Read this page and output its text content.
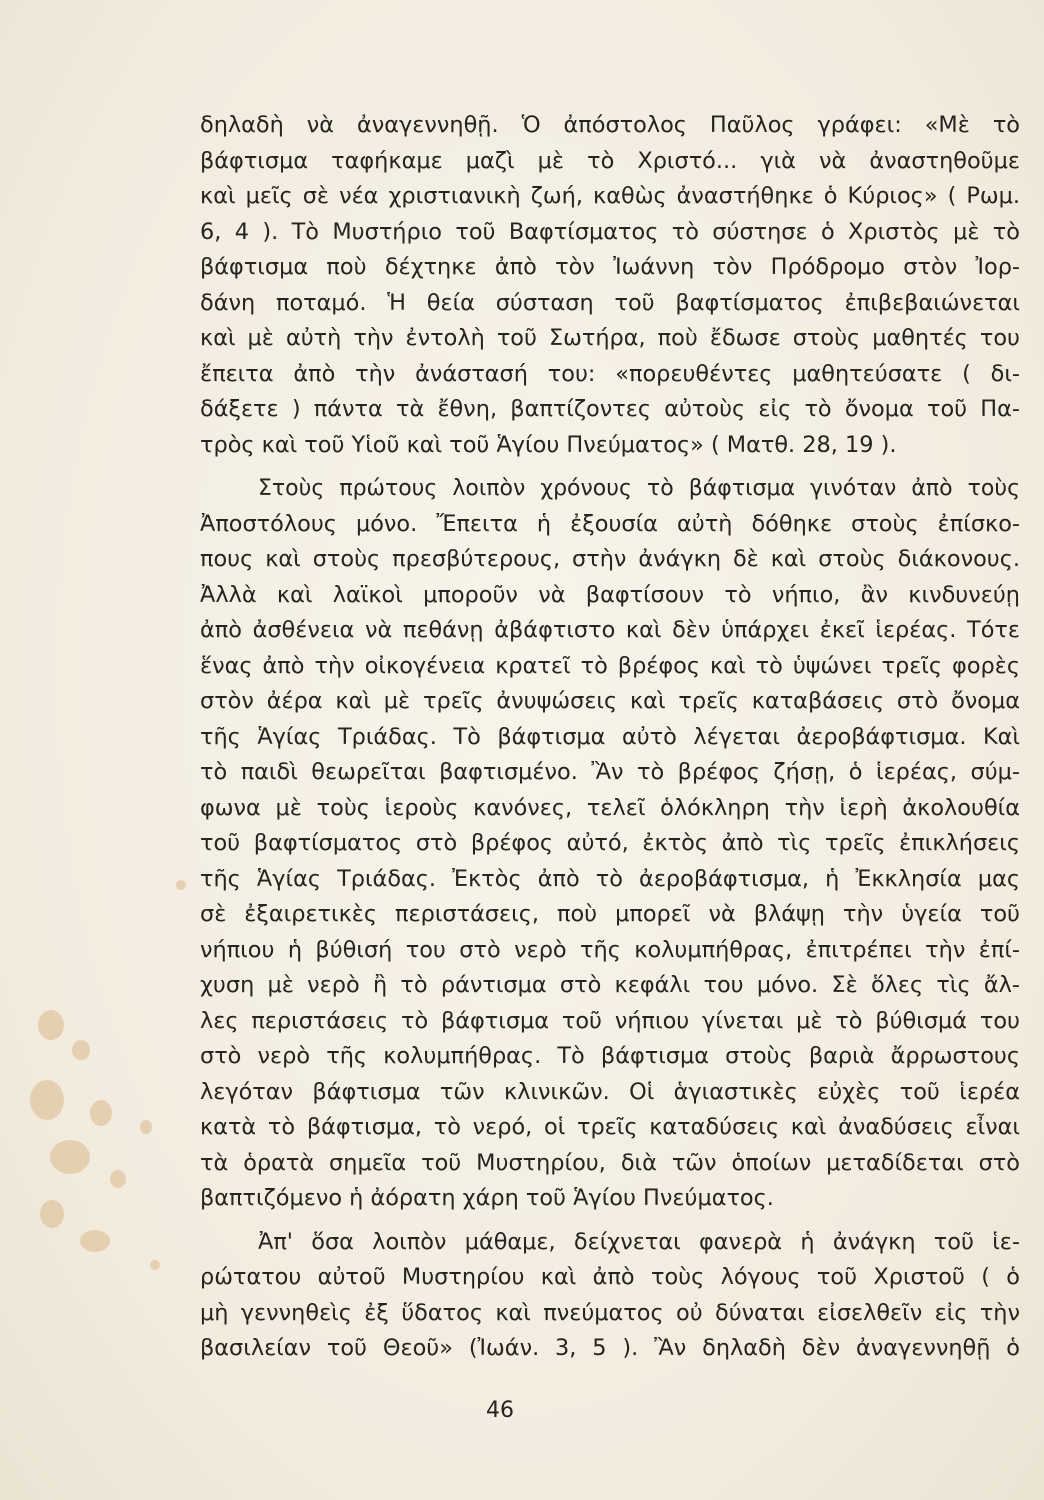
δηλαδὴ νὰ ἀναγεννηθῇ. Ὁ ἀπόστολος Παῦλος γράφει: «Μὲ τὸ
βάφτισμα ταφήκαμε μαζὶ μὲ τὸ Χριστό... γιὰ νὰ ἀναστηθοῦμε
καὶ μεῖς σὲ νέα χριστιανικὴ ζωή, καθὼς ἀναστήθηκε ὁ Κύριος» ( Ρωμ.
6, 4 ). Τὸ Μυστήριο τοῦ Βαφτίσματος τὸ σύστησε ὁ Χριστὸς μὲ τὸ
βάφτισμα ποὺ δέχτηκε ἀπὸ τὸν Ἰωάννη τὸν Πρόδρομο στὸν Ἰορ-
δάνη ποταμό. Ἡ θεία σύσταση τοῦ βαφτίσματος ἐπιβεβαιώνεται
καὶ μὲ αὐτὴ τὴν ἐντολὴ τοῦ Σωτήρα, ποὺ ἔδωσε στοὺς μαθητές του
ἔπειτα ἀπὸ τὴν ἀνάστασή του: «πορευθέντες μαθητεύσατε ( δι-
δάξετε ) πάντα τὰ ἔθνη, βαπτίζοντες αὐτοὺς εἰς τὸ ὄνομα τοῦ Πα-
τρὸς καὶ τοῦ Υἱοῦ καὶ τοῦ Ἁγίου Πνεύματος» ( Ματθ. 28, 19 ).

Στοὺς πρώτους λοιπὸν χρόνους τὸ βάφτισμα γινόταν ἀπὸ τοὺς
Ἀποστόλους μόνο. Ἔπειτα ἡ ἐξουσία αὐτὴ δόθηκε στοὺς ἐπίσκο-
πους καὶ στοὺς πρεσβύτερους, στὴν ἀνάγκη δὲ καὶ στοὺς διάκονους.
Ἀλλὰ καὶ λαϊκοὶ μποροῦν νὰ βαφτίσουν τὸ νήπιο, ἂν κινδυνεύῃ
ἀπὸ ἀσθένεια νὰ πεθάνῃ ἀβάφτιστο καὶ δὲν ὑπάρχει ἐκεῖ ἱερέας. Τότε
ἕνας ἀπὸ τὴν οἰκογένεια κρατεῖ τὸ βρέφος καὶ τὸ ὑψώνει τρεῖς φορὲς
στὸν ἀέρα καὶ μὲ τρεῖς ἀνυψώσεις καὶ τρεῖς καταβάσεις στὸ ὄνομα
τῆς Ἁγίας Τριάδας. Τὸ βάφτισμα αὐτὸ λέγεται ἀεροβάφτισμα. Καὶ
τὸ παιδὶ θεωρεῖται βαφτισμένο. Ἂν τὸ βρέφος ζήσῃ, ὁ ἱερέας, σύμ-
φωνα μὲ τοὺς ἱεροὺς κανόνες, τελεῖ ὁλόκληρη τὴν ἱερὴ ἀκολουθία
τοῦ βαφτίσματος στὸ βρέφος αὐτό, ἐκτὸς ἀπὸ τὶς τρεῖς ἐπικλήσεις
τῆς Ἁγίας Τριάδας. Ἐκτὸς ἀπὸ τὸ ἀεροβάφτισμα, ἡ Ἐκκλησία μας
σὲ ἐξαιρετικὲς περιστάσεις, ποὺ μπορεῖ νὰ βλάψῃ τὴν ὑγεία τοῦ
νήπιου ἡ βύθισή του στὸ νερὸ τῆς κολυμπήθρας, ἐπιτρέπει τὴν ἐπί-
χυση μὲ νερὸ ἢ τὸ ράντισμα στὸ κεφάλι του μόνο. Σὲ ὅλες τὶς ἄλ-
λες περιστάσεις τὸ βάφτισμα τοῦ νήπιου γίνεται μὲ τὸ βύθισμά του
στὸ νερὸ τῆς κολυμπήθρας. Τὸ βάφτισμα στοὺς βαριὰ ἄρρωστους
λεγόταν βάφτισμα τῶν κλινικῶν. Οἱ ἁγιαστικὲς εὐχὲς τοῦ ἱερέα
κατὰ τὸ βάφτισμα, τὸ νερό, οἱ τρεῖς καταδύσεις καὶ ἀναδύσεις εἶναι
τὰ ὁρατὰ σημεῖα τοῦ Μυστηρίου, διὰ τῶν ὁποίων μεταδίδεται στὸ
βαπτιζόμενο ἡ ἀόρατη χάρη τοῦ Ἁγίου Πνεύματος.

Ἀπ' ὅσα λοιπὸν μάθαμε, δείχνεται φανερὰ ἡ ἀνάγκη τοῦ ἱε-
ρώτατου αὐτοῦ Μυστηρίου καὶ ἀπὸ τοὺς λόγους τοῦ Χριστοῦ ( ὁ
μὴ γεννηθεὶς ἐξ ὕδατος καὶ πνεύματος οὐ δύναται εἰσελθεῖν εἰς τὴν
βασιλείαν τοῦ Θεοῦ» (Ἰωάν. 3, 5 ). Ἂν δηλαδὴ δὲν ἀναγεννηθῇ ὁ

46
